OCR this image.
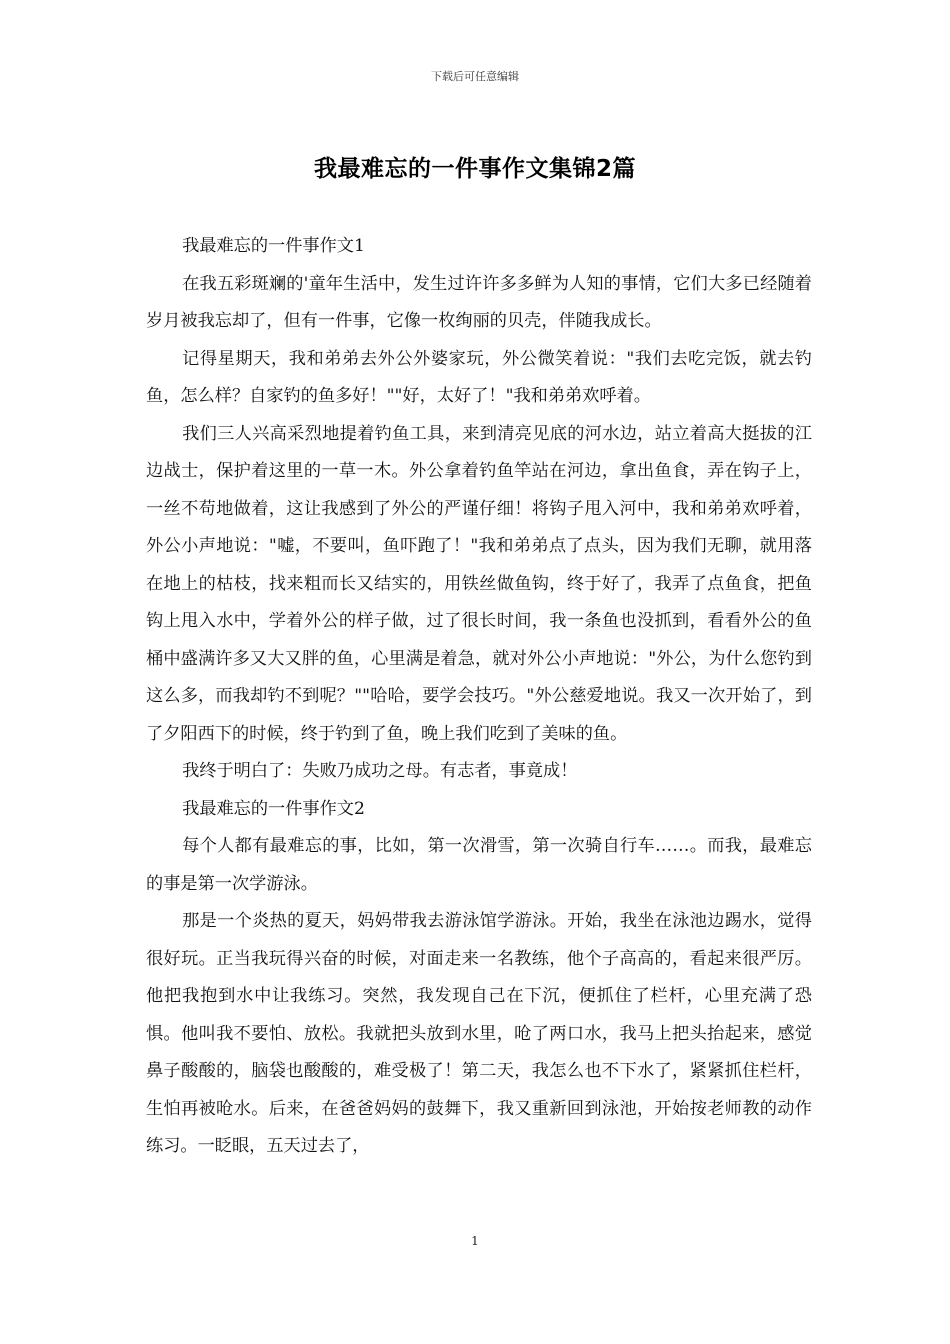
下载后可任意编辑
我最难忘的一件事作文集锦2篇

我最难忘的一件事作文1

在我五彩斑斓的'童年生活中，发生过许许多多鲜为人知的事情，它们大多已经随着岁月被我忘却了，但有一件事，它像一枚绚丽的贝壳，伴随我成长。

记得星期天，我和弟弟去外公外婆家玩，外公微笑着说："我们去吃完饭，就去钓鱼，怎么样？自家钓的鱼多好！""好，太好了！"我和弟弟欢呼着。

我们三人兴高采烈地提着钓鱼工具，来到清亮见底的河水边，站立着高大挺拔的江边战士，保护着这里的一草一木。外公拿着钓鱼竿站在河边，拿出鱼食，弄在钩子上，一丝不苟地做着，这让我感到了外公的严谨仔细！将钩子甩入河中，我和弟弟欢呼着，外公小声地说："嘘，不要叫，鱼吓跑了！"我和弟弟点了点头，因为我们无聊，就用落在地上的枯枝，找来粗而长又结实的，用铁丝做鱼钩，终于好了，我弄了点鱼食，把鱼钩上甩入水中，学着外公的样子做，过了很长时间，我一条鱼也没抓到，看看外公的鱼桶中盛满许多又大又胖的鱼，心里满是着急，就对外公小声地说："外公，为什么您钓到这么多，而我却钓不到呢？""哈哈，要学会技巧。"外公慈爱地说。我又一次开始了，到了夕阳西下的时候，终于钓到了鱼，晚上我们吃到了美味的鱼。

我终于明白了：失败乃成功之母。有志者，事竟成！

我最难忘的一件事作文2

每个人都有最难忘的事，比如，第一次滑雪，第一次骑自行车……。而我，最难忘的事是第一次学游泳。

那是一个炎热的夏天，妈妈带我去游泳馆学游泳。开始，我坐在泳池边踢水，觉得很好玩。正当我玩得兴奋的时候，对面走来一名教练，他个子高高的，看起来很严厉。他把我抱到水中让我练习。突然，我发现自己在下沉，便抓住了栏杆，心里充满了恐惧。他叫我不要怕、放松。我就把头放到水里，呛了两口水，我马上把头抬起来，感觉鼻子酸酸的，脑袋也酸酸的，难受极了！第二天，我怎么也不下水了，紧紧抓住栏杆，生怕再被呛水。后来，在爸爸妈妈的鼓舞下，我又重新回到泳池，开始按老师教的动作练习。一眨眼，五天过去了，

1
